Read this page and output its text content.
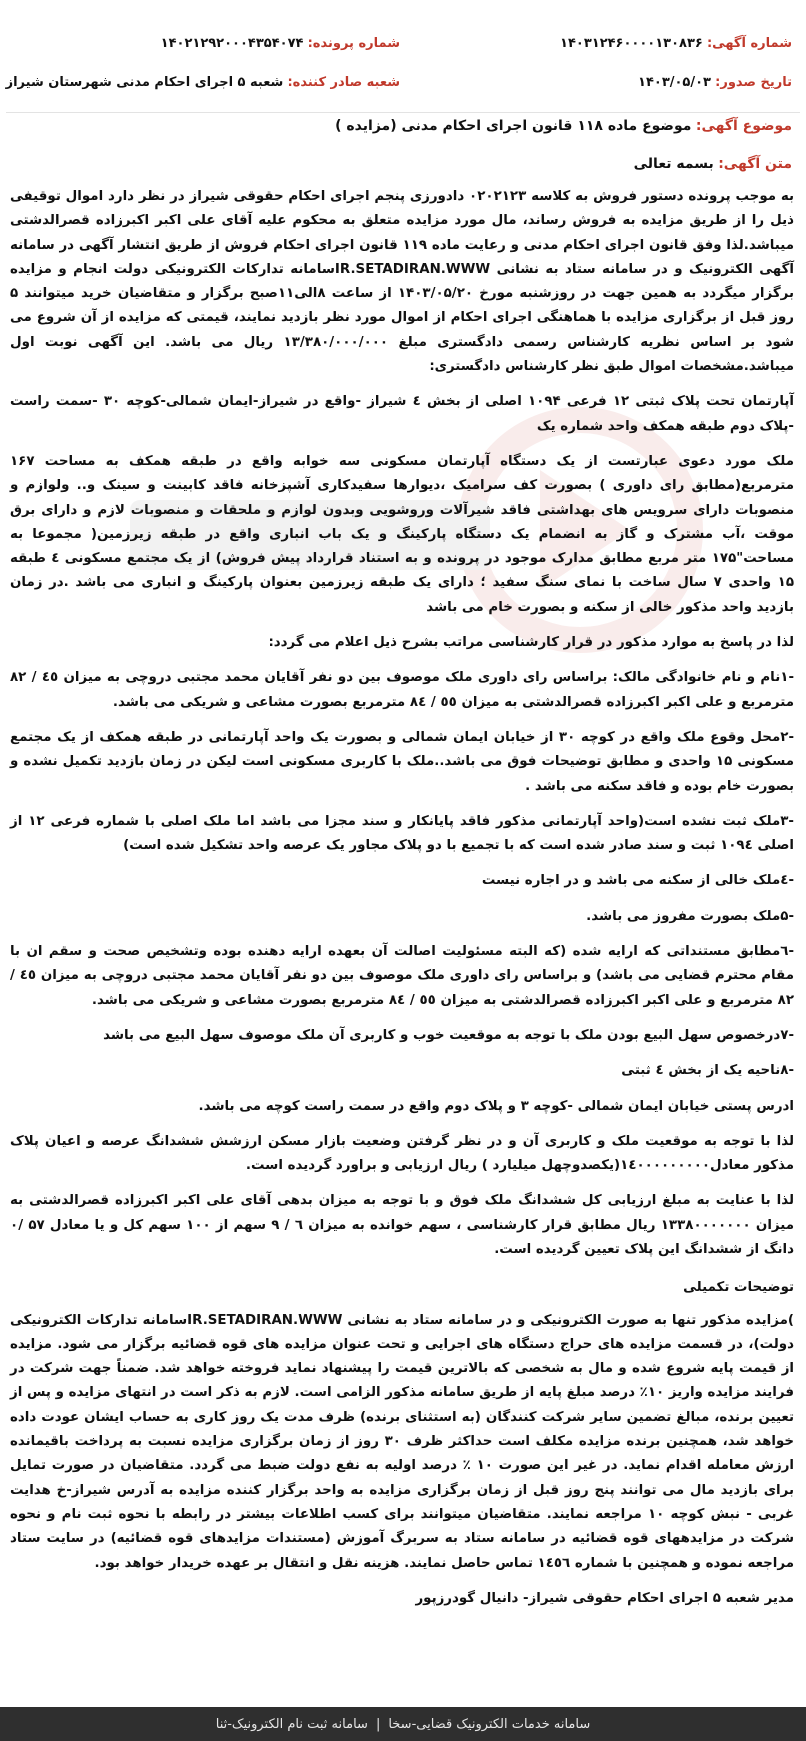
شماره آگهی: ۱۴۰۳۱۲۴۶۰۰۰۰۱۳۰۸۳۶
شماره پرونده: ۱۴۰۲۱۲۹۲۰۰۰۴۳۵۴۰۷۴
تاریخ صدور: ۱۴۰۳/۰۵/۰۳
شعبه صادر کننده: شعبه ۵ اجرای احکام مدنی شهرستان شیراز
موضوع آگهی: موضوع ماده ۱۱۸ قانون اجرای احکام مدنی (مزایده )
متن آگهی: بسمه تعالی

به موجب پرونده دستور فروش به کلاسه ۰۲۰۲۱۲۳ دادورزی پنجم اجرای احکام حقوقی شیراز در نظر دارد اموال توقیفی ذیل را از طریق مزایده به فروش رساند، مال مورد مزایده متعلق به محکوم علیه آقای علی اکبر اکبرزاده قصرالدشتی میباشد.لذا وفق قانون اجرای احکام مدنی و رعایت ماده ۱۱۹ قانون اجرای احکام فروش از طریق انتشار آگهی در سامانه آگهی الکترونیک و در سامانه ستاد به نشانی IR.SETADIRAN.WWWسامانه تدارکات الکترونیکی دولت انجام و مزایده برگزار میگردد به همین جهت در روزشنبه مورخ ۱۴۰۳/۰۵/۲۰ از ساعت ۸الی۱۱صبح برگزار و متقاضیان خرید میتوانند ۵ روز قبل از برگزاری مزایده با هماهنگی اجرای احکام از اموال مورد نظر بازدید نمایند، قیمتی که مزایده از آن شروع می شود بر اساس نظریه کارشناس رسمی دادگستری مبلغ ۱۳/۳۸۰/۰۰۰/۰۰۰ ریال می باشد. این آگهی نوبت اول میباشد.مشخصات اموال طبق نظر کارشناس دادگستری:

آپارتمان تحت پلاک ثبتی ۱۲ فرعی ۱۰۹۴ اصلی از بخش ٤ شیراز -واقع در شیراز-ایمان شمالی-کوچه ۳۰ -سمت راست -پلاک دوم طبقه همکف واحد شماره یک

ملک مورد دعوی عبارتست از یک دستگاه آپارتمان مسکونی سه خوابه واقع در طبقه همکف به مساحت ۱۶۷ مترمربع(مطابق رای داوری ) بصورت کف سرامیک ،دیوارها سفیدکاری آشپزخانه فاقد کابینت و سینک و.. ولوازم و منصوبات دارای سرویس های بهداشتی فاقد شیرآلات وروشویی وبدون لوازم و ملحقات و منصوبات لازم و دارای برق موقت ،آب مشترک و گاز به انضمام یک دستگاه پارکینگ و یک باب انباری واقع در طبقه زیرزمین( مجموعا به مساحت"۱۷۵ متر مربع مطابق مدارک موجود در پرونده و به استناد قرارداد پیش فروش) از یک مجتمع مسکونی ٤ طبقه ۱۵ واحدی ۷ سال ساخت با نمای سنگ سفید ؛ دارای یک طبقه زیرزمین بعنوان پارکینگ و انباری می باشد .در زمان بازدید واحد مذکور خالی از سکنه و بصورت خام می باشد

لذا در پاسخ به موارد مذکور در قرار کارشناسی مراتب بشرح ذیل اعلام می گردد:

-۱نام و نام خانوادگی مالک: براساس رای داوری ملک موصوف بین دو نفر آقایان محمد مجتبی دروچی به میزان ٤٥ / ۸۲ مترمربع و علی اکبر اکبرزاده قصرالدشتی به میزان ٥٥ / ۸٤ مترمربع بصورت مشاعی و شریکی می باشد.

-۲محل وقوع ملک واقع در کوچه ۳۰ از خیابان ایمان شمالی و بصورت یک واحد آپارتمانی در طبقه همکف از یک مجتمع مسکونی ۱۵ واحدی و مطابق توضیحات فوق می باشد..ملک با کاربری مسکونی است لیکن در زمان بازدید تکمیل نشده و بصورت خام بوده و فاقد سکنه می باشد .

-۳ملک ثبت نشده است(واحد آپارتمانی مذکور فاقد پایانکار و سند مجزا می باشد اما ملک اصلی با شماره فرعی ۱۲ از اصلی ۱۰۹٤ ثبت و سند صادر شده است که با تجمیع با دو پلاک مجاور یک عرصه واحد تشکیل شده است)

-٤ملک خالی از سکنه می باشد و در اجاره نیست

-۵ملک بصورت مفروز می باشد.

-٦مطابق مستنداتی که ارایه شده (که البته مسئولیت اصالت آن بعهده ارایه دهنده بوده وتشخیص صحت و سقم ان با مقام محترم قضایی می باشد) و براساس رای داوری ملک موصوف بین دو نفر آقایان محمد مجتبی دروچی به میزان ٤٥ / ۸۲ مترمربع و علی اکبر اکبرزاده قصرالدشتی به میزان ٥٥ / ۸٤ مترمربع بصورت مشاعی و شریکی می باشد.

-۷درخصوص سهل البیع بودن ملک با توجه به موقعیت خوب و کاربری آن ملک موصوف سهل البیع می باشد

-۸ناحیه یک از بخش ٤ ثبتی

ادرس پستی خیابان ایمان شمالی -کوچه ۳ و پلاک دوم واقع در سمت راست کوچه می باشد.

لذا با توجه به موقعیت ملک و کاربری آن و در نظر گرفتن وضعیت بازار مسکن ارزشش ششدانگ عرصه و اعیان پلاک مذکور معادل۱٤۰۰۰۰۰۰۰۰۰(یکصدوچهل میلیارد ) ریال ارزیابی و براورد گردیده است.

لذا با عنایت به مبلغ ارزیابی کل ششدانگ ملک فوق و با توجه به میزان بدهی آقای علی اکبر اکبرزاده قصرالدشتی به میزان ۱۳۳۸۰۰۰۰۰۰۰ ریال مطابق قرار کارشناسی ، سهم خوانده به میزان ٦ / ۹ سهم از ۱۰۰ سهم کل و یا معادل ۵۷ /۰ دانگ از ششدانگ این پلاک تعیین گردیده است.

توضیحات تکمیلی

)مزایده مذکور تنها به صورت الکترونیکی و در سامانه ستاد به نشانی IR.SETADIRAN.WWWسامانه تدارکات الکترونیکی دولت)، در قسمت مزایده های حراج دستگاه های اجرایی و تحت عنوان مزایده های قوه قضائیه برگزار می شود. مزایده از قیمت پایه شروع شده و مال به شخصی که بالاترین قیمت را پیشنهاد نماید فروخته خواهد شد. ضمناً جهت شرکت در فرایند مزایده واریز ۱۰٪ درصد مبلغ پایه از طریق سامانه مذکور الزامی است. لازم به ذکر است در انتهای مزایده و پس از تعیین برنده، مبالغ تضمین سایر شرکت کنندگان (به استثنای برنده) ظرف مدت یک روز کاری به حساب ایشان عودت داده خواهد شد، همچنین برنده مزایده مکلف است حداکثر ظرف ۳۰ روز از زمان برگزاری مزایده نسبت به پرداخت باقیمانده ارزش معامله اقدام نماید. در غیر این صورت ۱۰ ٪ درصد اولیه به نفع دولت ضبط می گردد. متقاضیان در صورت تمایل برای بازدید مال می توانند پنج روز قبل از زمان برگزاری مزایده به واحد برگزار کننده مزایده به آدرس شیراز-خ هدایت غربی - نبش کوچه ۱۰ مراجعه نمایند. متقاضیان میتوانند برای کسب اطلاعات بیشتر در رابطه با نحوه ثبت نام و نحوه شرکت در مزایدههای قوه قضائیه در سامانه ستاد به سربرگ آموزش (مستندات مزایدهای قوه قضائیه) در سایت ستاد مراجعه نموده و همچنین با شماره ۱٤٥٦ تماس حاصل نمایند. هزینه نقل و انتقال بر عهده خریدار خواهد بود.

مدیر شعبه ۵ اجرای احکام حقوقی شیراز- دانیال گودرزپور

سامانه خدمات الکترونیک قضایی-سخا
|
سامانه ثبت نام الکترونیک-ثنا
